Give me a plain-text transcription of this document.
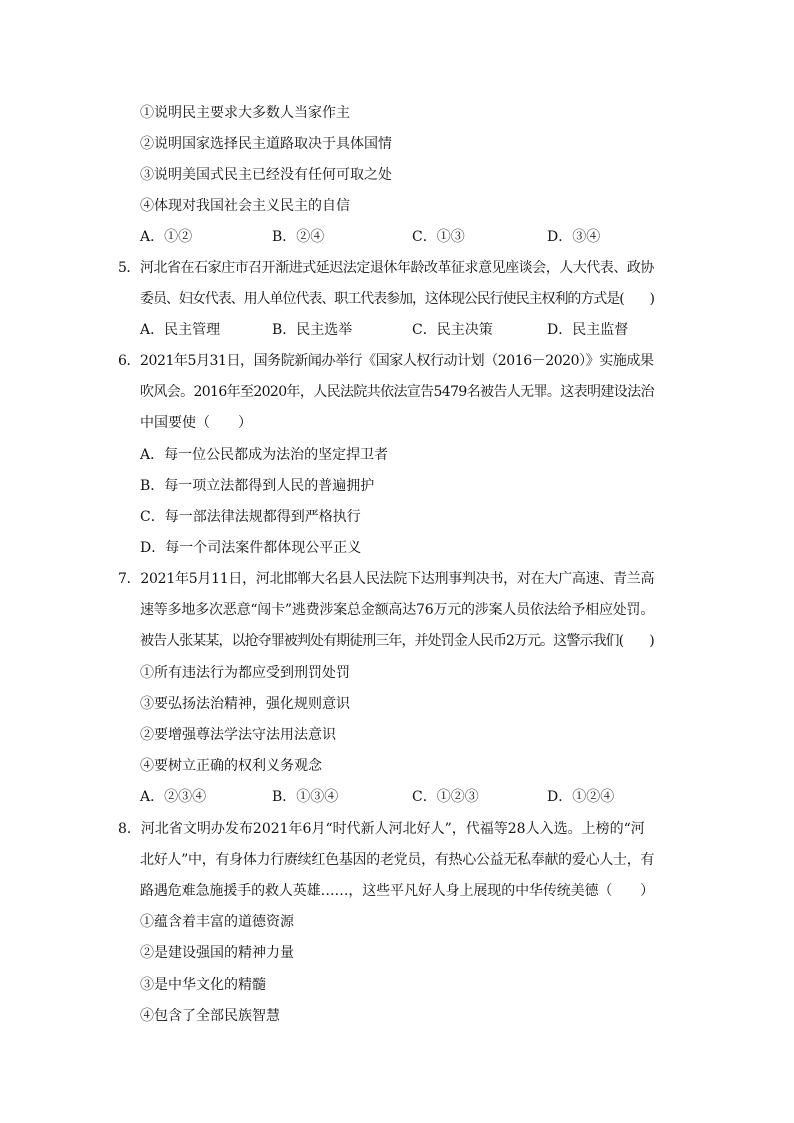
①说明民主要求大多数人当家作主
②说明国家选择民主道路取决于具体国情
③说明美国式民主已经没有任何可取之处
④体现对我国社会主义民主的自信
A．①②	B．②④	C．①③	D．③④
5．河北省在石家庄市召开渐进式延迟法定退休年龄改革征求意见座谈会，人大代表、政协
委员、妇女代表、用人单位代表、职工代表参加，这体现公民行使民主权利的方式是(　　)
A．民主管理	B．民主选举	C．民主决策	D．民主监督
6．2021年5月31日，国务院新闻办举行《国家人权行动计划（2016－2020）》实施成果
吹风会。2016年至2020年，人民法院共依法宣告5479名被告人无罪。这表明建设法治
中国要使（　　）
A．每一位公民都成为法治的坚定捍卫者
B．每一项立法都得到人民的普遍拥护
C．每一部法律法规都得到严格执行
D．每一个司法案件都体现公平正义
7．2021年5月11日，河北邯郸大名县人民法院下达刑事判决书，对在大广高速、青兰高
速等多地多次恶意“闯卡”逃费涉案总金额高达76万元的涉案人员依法给予相应处罚。
被告人张某某，以抢夺罪被判处有期徒刑三年，并处罚金人民币2万元。这警示我们(　　)
①所有违法行为都应受到刑罚处罚
③要弘扬法治精神，强化规则意识
②要增强尊法学法守法用法意识
④要树立正确的权利义务观念
A．②③④	B．①③④	C．①②③	D．①②④
8．河北省文明办发布2021年6月“时代新人河北好人”，代福等28人入选。上榜的“河
北好人”中，有身体力行赓续红色基因的老党员，有热心公益无私奉献的爱心人士，有
路遇危难急施援手的救人英雄……，这些平凡好人身上展现的中华传统美德（　　）
①蕴含着丰富的道德资源
②是建设强国的精神力量
③是中华文化的精髓
④包含了全部民族智慧
